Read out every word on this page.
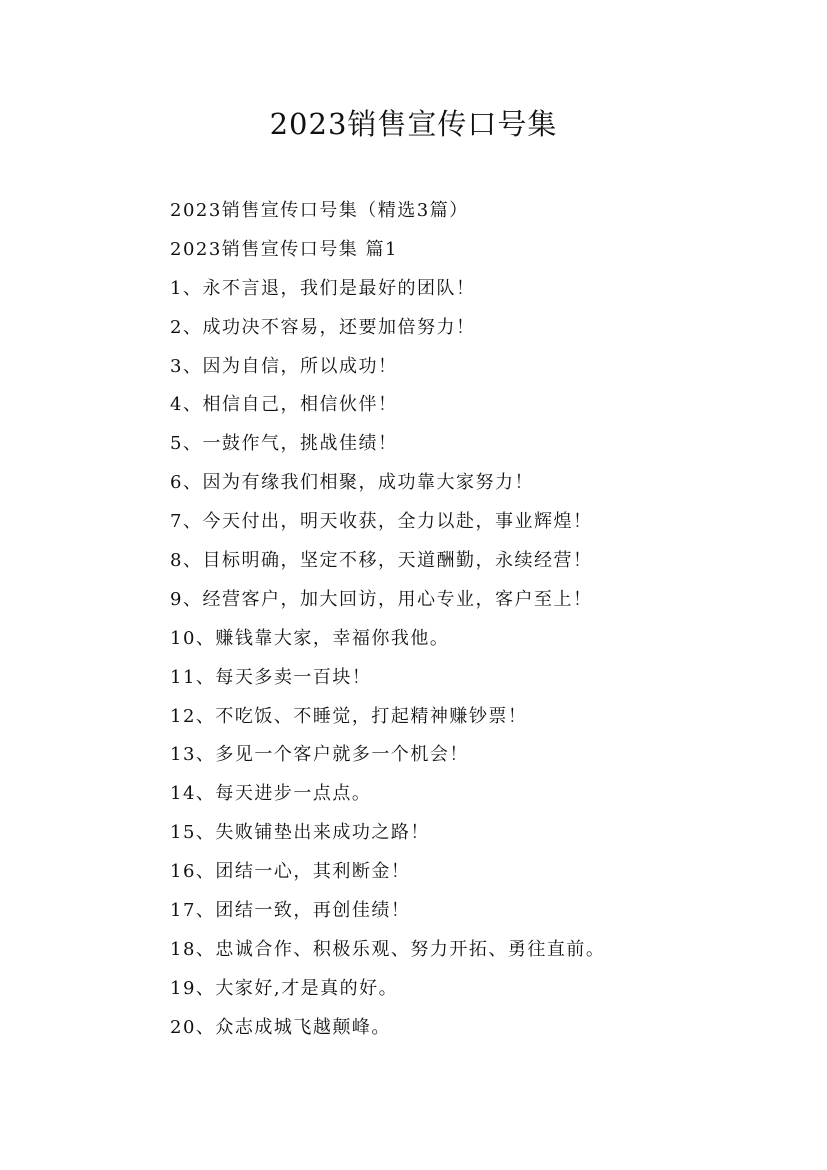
2023销售宣传口号集
2023销售宣传口号集（精选3篇）
2023销售宣传口号集 篇1
1、永不言退，我们是最好的团队！
2、成功决不容易，还要加倍努力！
3、因为自信，所以成功！
4、相信自己，相信伙伴！
5、一鼓作气，挑战佳绩！
6、因为有缘我们相聚，成功靠大家努力！
7、今天付出，明天收获，全力以赴，事业辉煌！
8、目标明确，坚定不移，天道酬勤，永续经营！
9、经营客户，加大回访，用心专业，客户至上！
10、赚钱靠大家，幸福你我他。
11、每天多卖一百块！
12、不吃饭、不睡觉，打起精神赚钞票！
13、多见一个客户就多一个机会！
14、每天进步一点点。
15、失败铺垫出来成功之路！
16、团结一心，其利断金！
17、团结一致，再创佳绩！
18、忠诚合作、积极乐观、努力开拓、勇往直前。
19、大家好,才是真的好。
20、众志成城飞越颠峰。
